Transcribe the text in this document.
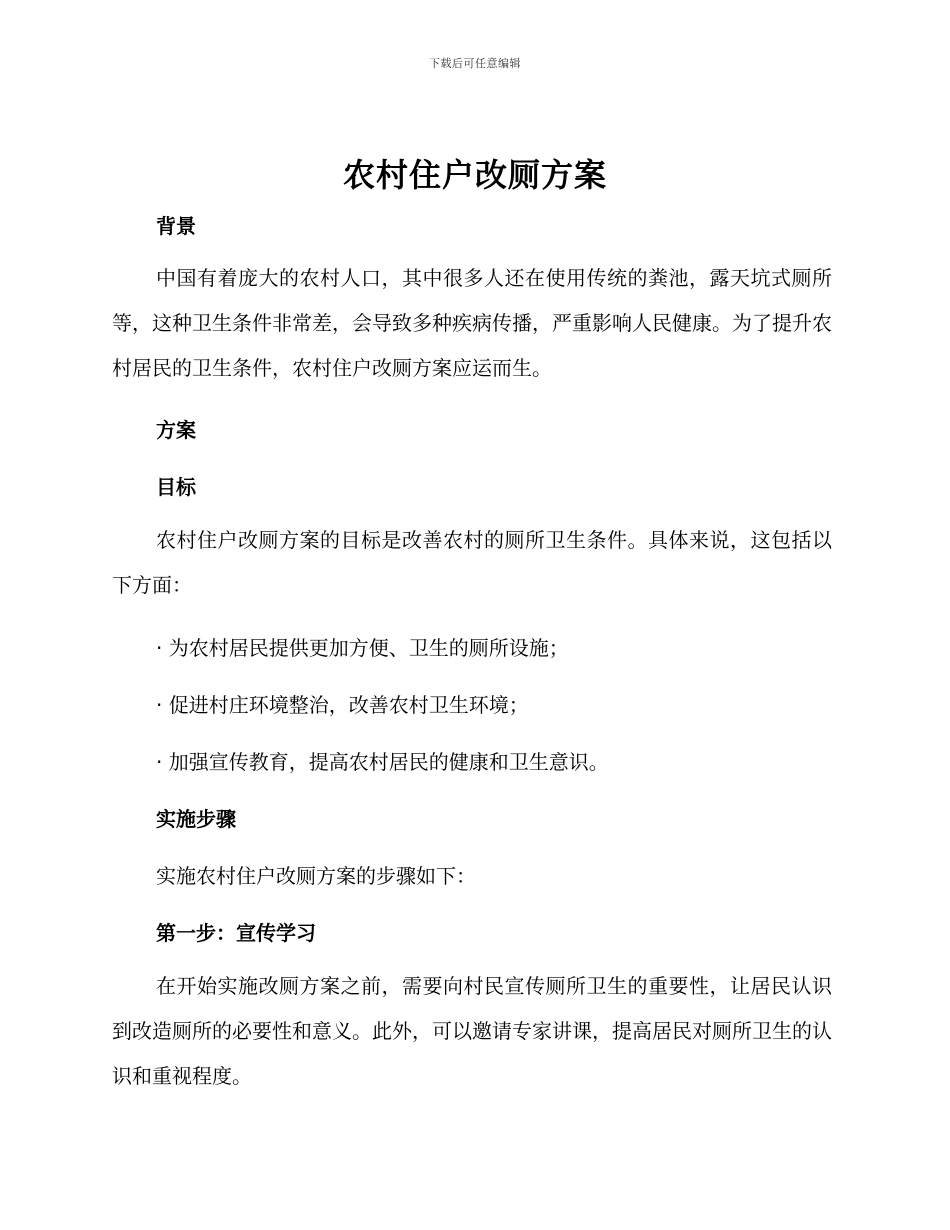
下载后可任意编辑
农村住户改厕方案
背景
中国有着庞大的农村人口，其中很多人还在使用传统的粪池，露天坑式厕所等，这种卫生条件非常差，会导致多种疾病传播，严重影响人民健康。为了提升农村居民的卫生条件，农村住户改厕方案应运而生。
方案
目标
农村住户改厕方案的目标是改善农村的厕所卫生条件。具体来说，这包括以下方面：
· 为农村居民提供更加方便、卫生的厕所设施；
· 促进村庄环境整治，改善农村卫生环境；
· 加强宣传教育，提高农村居民的健康和卫生意识。
实施步骤
实施农村住户改厕方案的步骤如下：
第一步：宣传学习
在开始实施改厕方案之前，需要向村民宣传厕所卫生的重要性，让居民认识到改造厕所的必要性和意义。此外，可以邀请专家讲课，提高居民对厕所卫生的认识和重视程度。
